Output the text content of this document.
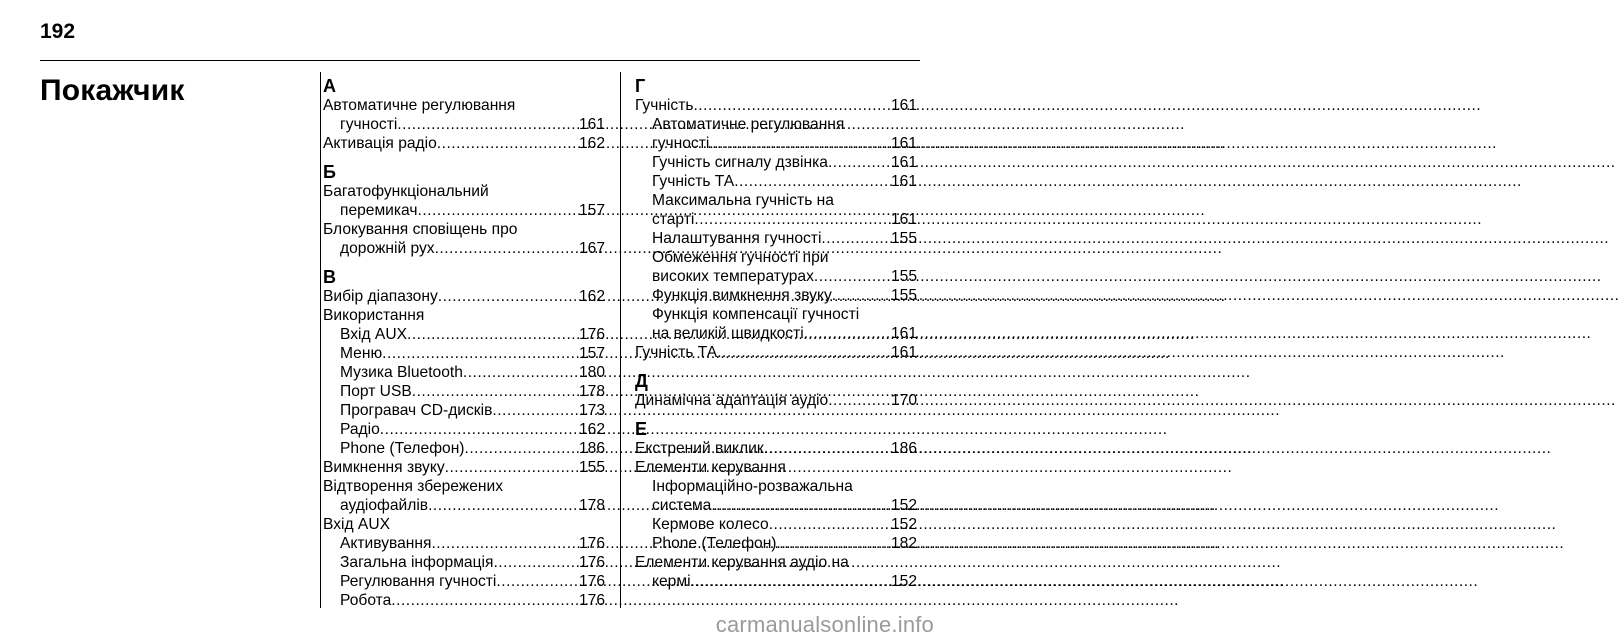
192
Покажчик	А
Автоматичне регулювання
гучності .....	161
Активація радіо .....	162
Б
Багатофункціональний
перемикач .....	157
Блокування сповіщень про
дорожній рух .....	167
В
Вибір діапазону .....	162
Використання
Вхід AUX .....	176
Меню .....	157
Музика Bluetooth .....	180
Порт USB .....	178
Програвач CD-дисків .....	173
Радіо .....	162
Phone (Телефон) .....	186
Вимкнення звуку .....	155
Відтворення збережених
аудіофайлів .....	178
Вхід AUX
Активування .....	176
Загальна інформація .....	176
Регулювання гучності .....	176
Робота .....	176
Г
Гучність .....	161
Автоматичне регулювання
гучності .....	161
Гучність сигналу дзвінка .....	161
Гучність ТА .....	161
Максимальна гучність на
старті .....	161
Налаштування гучності .....	155
Обмеження гучності при
високих температурах .....	155
Функція вимкнення звуку .....	155
Функція компенсації гучності
на великій швидкості .....	161
Гучність ТА .....	161
Д
Динамічна адаптація аудіо .....	170
Е
Екстрений виклик .....	186
Елементи керування
Інформаційно-розважальна
система .....	152
Кермове колесо .....	152
Phone (Телефон) .....	182
Елементи керування аудіо на
кермі .....	152
carmanualsonline.info
